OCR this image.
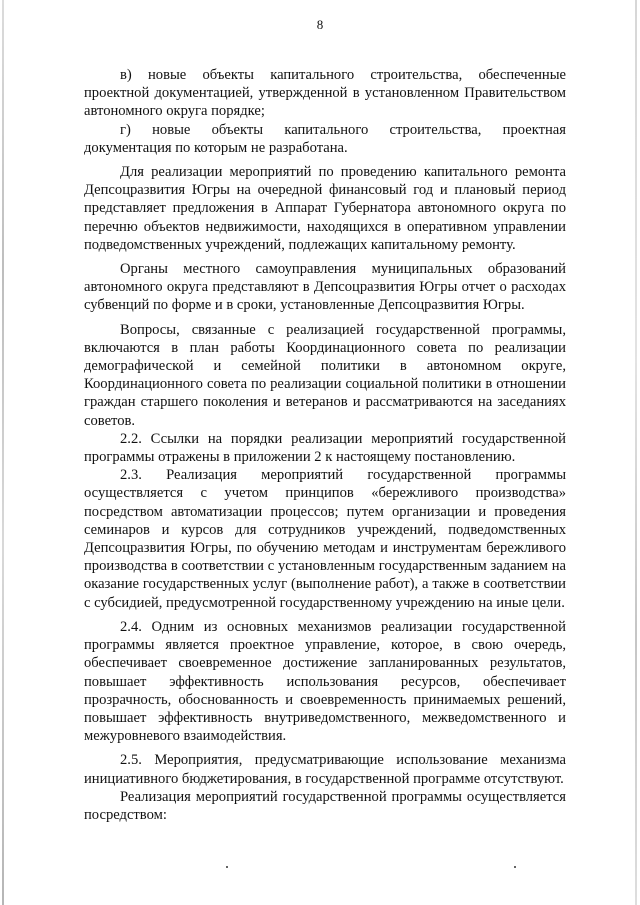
8

в) новые объекты капитального строительства, обеспеченные проектной документацией, утвержденной в установленном Правительством автономного округа порядке;

г) новые объекты капитального строительства, проектная документация по которым не разработана.

Для реализации мероприятий по проведению капитального ремонта Депсоцразвития Югры на очередной финансовый год и плановый период представляет предложения в Аппарат Губернатора автономного округа по перечню объектов недвижимости, находящихся в оперативном управлении подведомственных учреждений, подлежащих капитальному ремонту.

Органы местного самоуправления муниципальных образований автономного округа представляют в Депсоцразвития Югры отчет о расходах субвенций по форме и в сроки, установленные Депсоцразвития Югры.

Вопросы, связанные с реализацией государственной программы, включаются в план работы Координационного совета по реализации демографической и семейной политики в автономном округе, Координационного совета по реализации социальной политики в отношении граждан старшего поколения и ветеранов и рассматриваются на заседаниях советов.

2.2. Ссылки на порядки реализации мероприятий государственной программы отражены в приложении 2 к настоящему постановлению.

2.3. Реализация мероприятий государственной программы осуществляется с учетом принципов «бережливого производства» посредством автоматизации процессов; путем организации и проведения семинаров и курсов для сотрудников учреждений, подведомственных Депсоцразвития Югры, по обучению методам и инструментам бережливого производства в соответствии с установленным государственным заданием на оказание государственных услуг (выполнение работ), а также в соответствии с субсидией, предусмотренной государственному учреждению на иные цели.

2.4. Одним из основных механизмов реализации государственной программы является проектное управление, которое, в свою очередь, обеспечивает своевременное достижение запланированных результатов, повышает эффективность использования ресурсов, обеспечивает прозрачность, обоснованность и своевременность принимаемых решений, повышает эффективность внутриведомственного, межведомственного и межуровневого взаимодействия.

2.5. Мероприятия, предусматривающие использование механизма инициативного бюджетирования, в государственной программе отсутствуют.

Реализация мероприятий государственной программы осуществляется посредством:
